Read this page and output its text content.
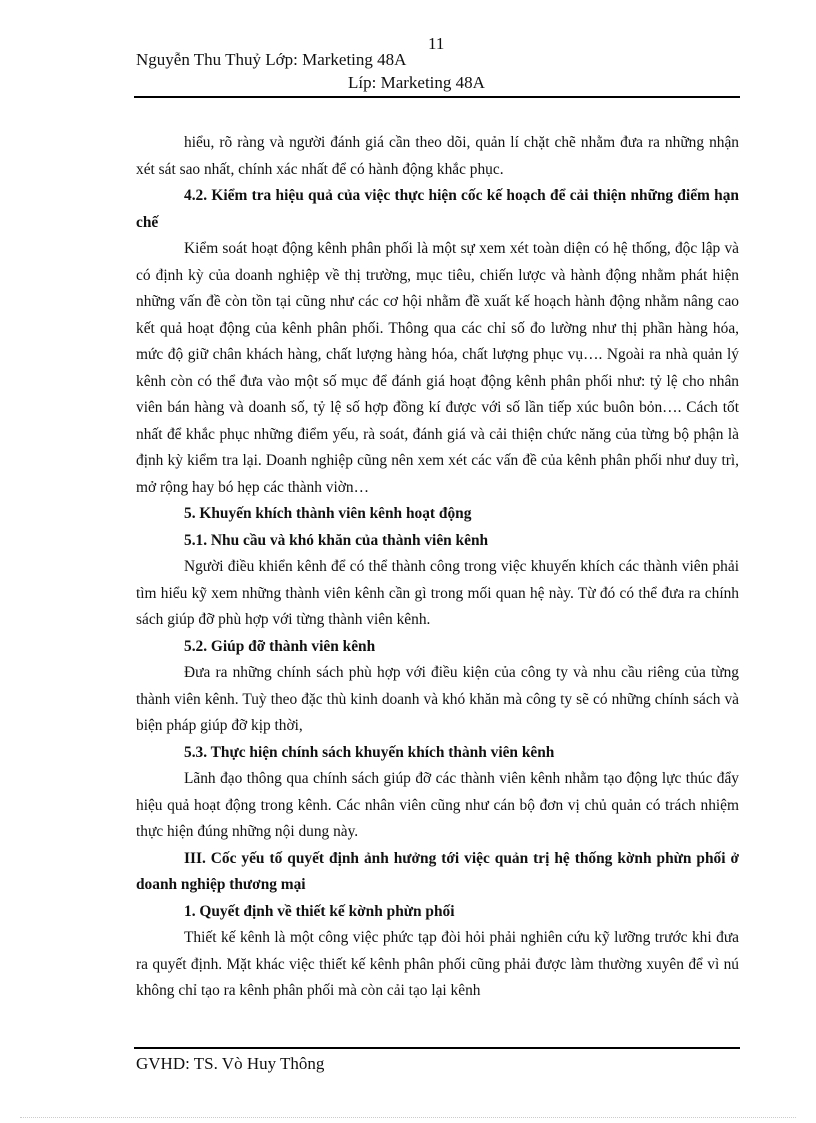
11
Nguyễn Thu Thuỷ Lớp: Marketing 48A
Líp: Marketing 48A

hiểu, rõ ràng và người đánh giá cần theo dõi, quản lí chặt chẽ nhằm đưa ra những nhận xét sát sao nhất, chính xác nhất để có hành động khắc phục.

4.2. Kiểm tra hiệu quả của việc thực hiện cốc kế hoạch để cải thiện những điểm hạn chế

Kiểm soát hoạt động kênh phân phối là một sự xem xét toàn diện có hệ thống, độc lập và có định kỳ của doanh nghiệp về thị trường, mục tiêu, chiến lược và hành động nhằm phát hiện những vấn đề còn tồn tại cũng như các cơ hội nhằm đề xuất kế hoạch hành động nhằm nâng cao kết quả hoạt động của kênh phân phối. Thông qua các chỉ số đo lường như thị phần hàng hóa, mức độ giữ chân khách hàng, chất lượng hàng hóa, chất lượng phục vụ…. Ngoài ra nhà quản lý kênh còn có thể đưa vào một số mục để đánh giá hoạt động kênh phân phối như: tỷ lệ cho nhân viên bán hàng và doanh số, tỷ lệ số hợp đồng kí được với số lần tiếp xúc buôn bỏn…. Cách tốt nhất để khắc phục những điểm yếu, rà soát, đánh giá và cải thiện chức năng của từng bộ phận là định kỳ kiểm tra lại. Doanh nghiệp cũng nên xem xét các vấn đề của kênh phân phối như duy trì, mở rộng hay bó hẹp các thành viờn…

5. Khuyến khích thành viên kênh hoạt động

5.1. Nhu cầu và khó khăn của thành viên kênh

Người điều khiển kênh để có thể thành công trong việc khuyến khích các thành viên phải tìm hiểu kỹ xem những thành viên kênh cần gì trong mối quan hệ này. Từ đó có thể đưa ra chính sách giúp đỡ phù hợp với từng thành viên kênh.

5.2. Giúp đỡ thành viên kênh

Đưa ra những chính sách phù hợp với điều kiện của công ty và nhu cầu riêng của từng thành viên kênh. Tuỳ theo đặc thù kinh doanh và khó khăn mà công ty sẽ có những chính sách và biện pháp giúp đỡ kịp thời,

5.3. Thực hiện chính sách khuyến khích thành viên kênh

Lãnh đạo thông qua chính sách giúp đỡ các thành viên kênh nhằm tạo động lực thúc đẩy hiệu quả hoạt động trong kênh. Các nhân viên cũng như cán bộ đơn vị chủ quản có trách nhiệm thực hiện đúng những nội dung này.

III. Cốc yếu tố quyết định ảnh hưởng tới việc quản trị hệ thống kờnh phừn phối ở doanh nghiệp thương mại

1. Quyết định về thiết kế kờnh phừn phối

Thiết kế kênh là một công việc phức tạp đòi hỏi phải nghiên cứu kỹ lưỡng trước khi đưa ra quyết định. Mặt khác việc thiết kế kênh phân phối cũng phải được làm thường xuyên để vì nú không chỉ tạo ra kênh phân phối mà còn cải tạo lại kênh

GVHD: TS. Vò Huy Thông
